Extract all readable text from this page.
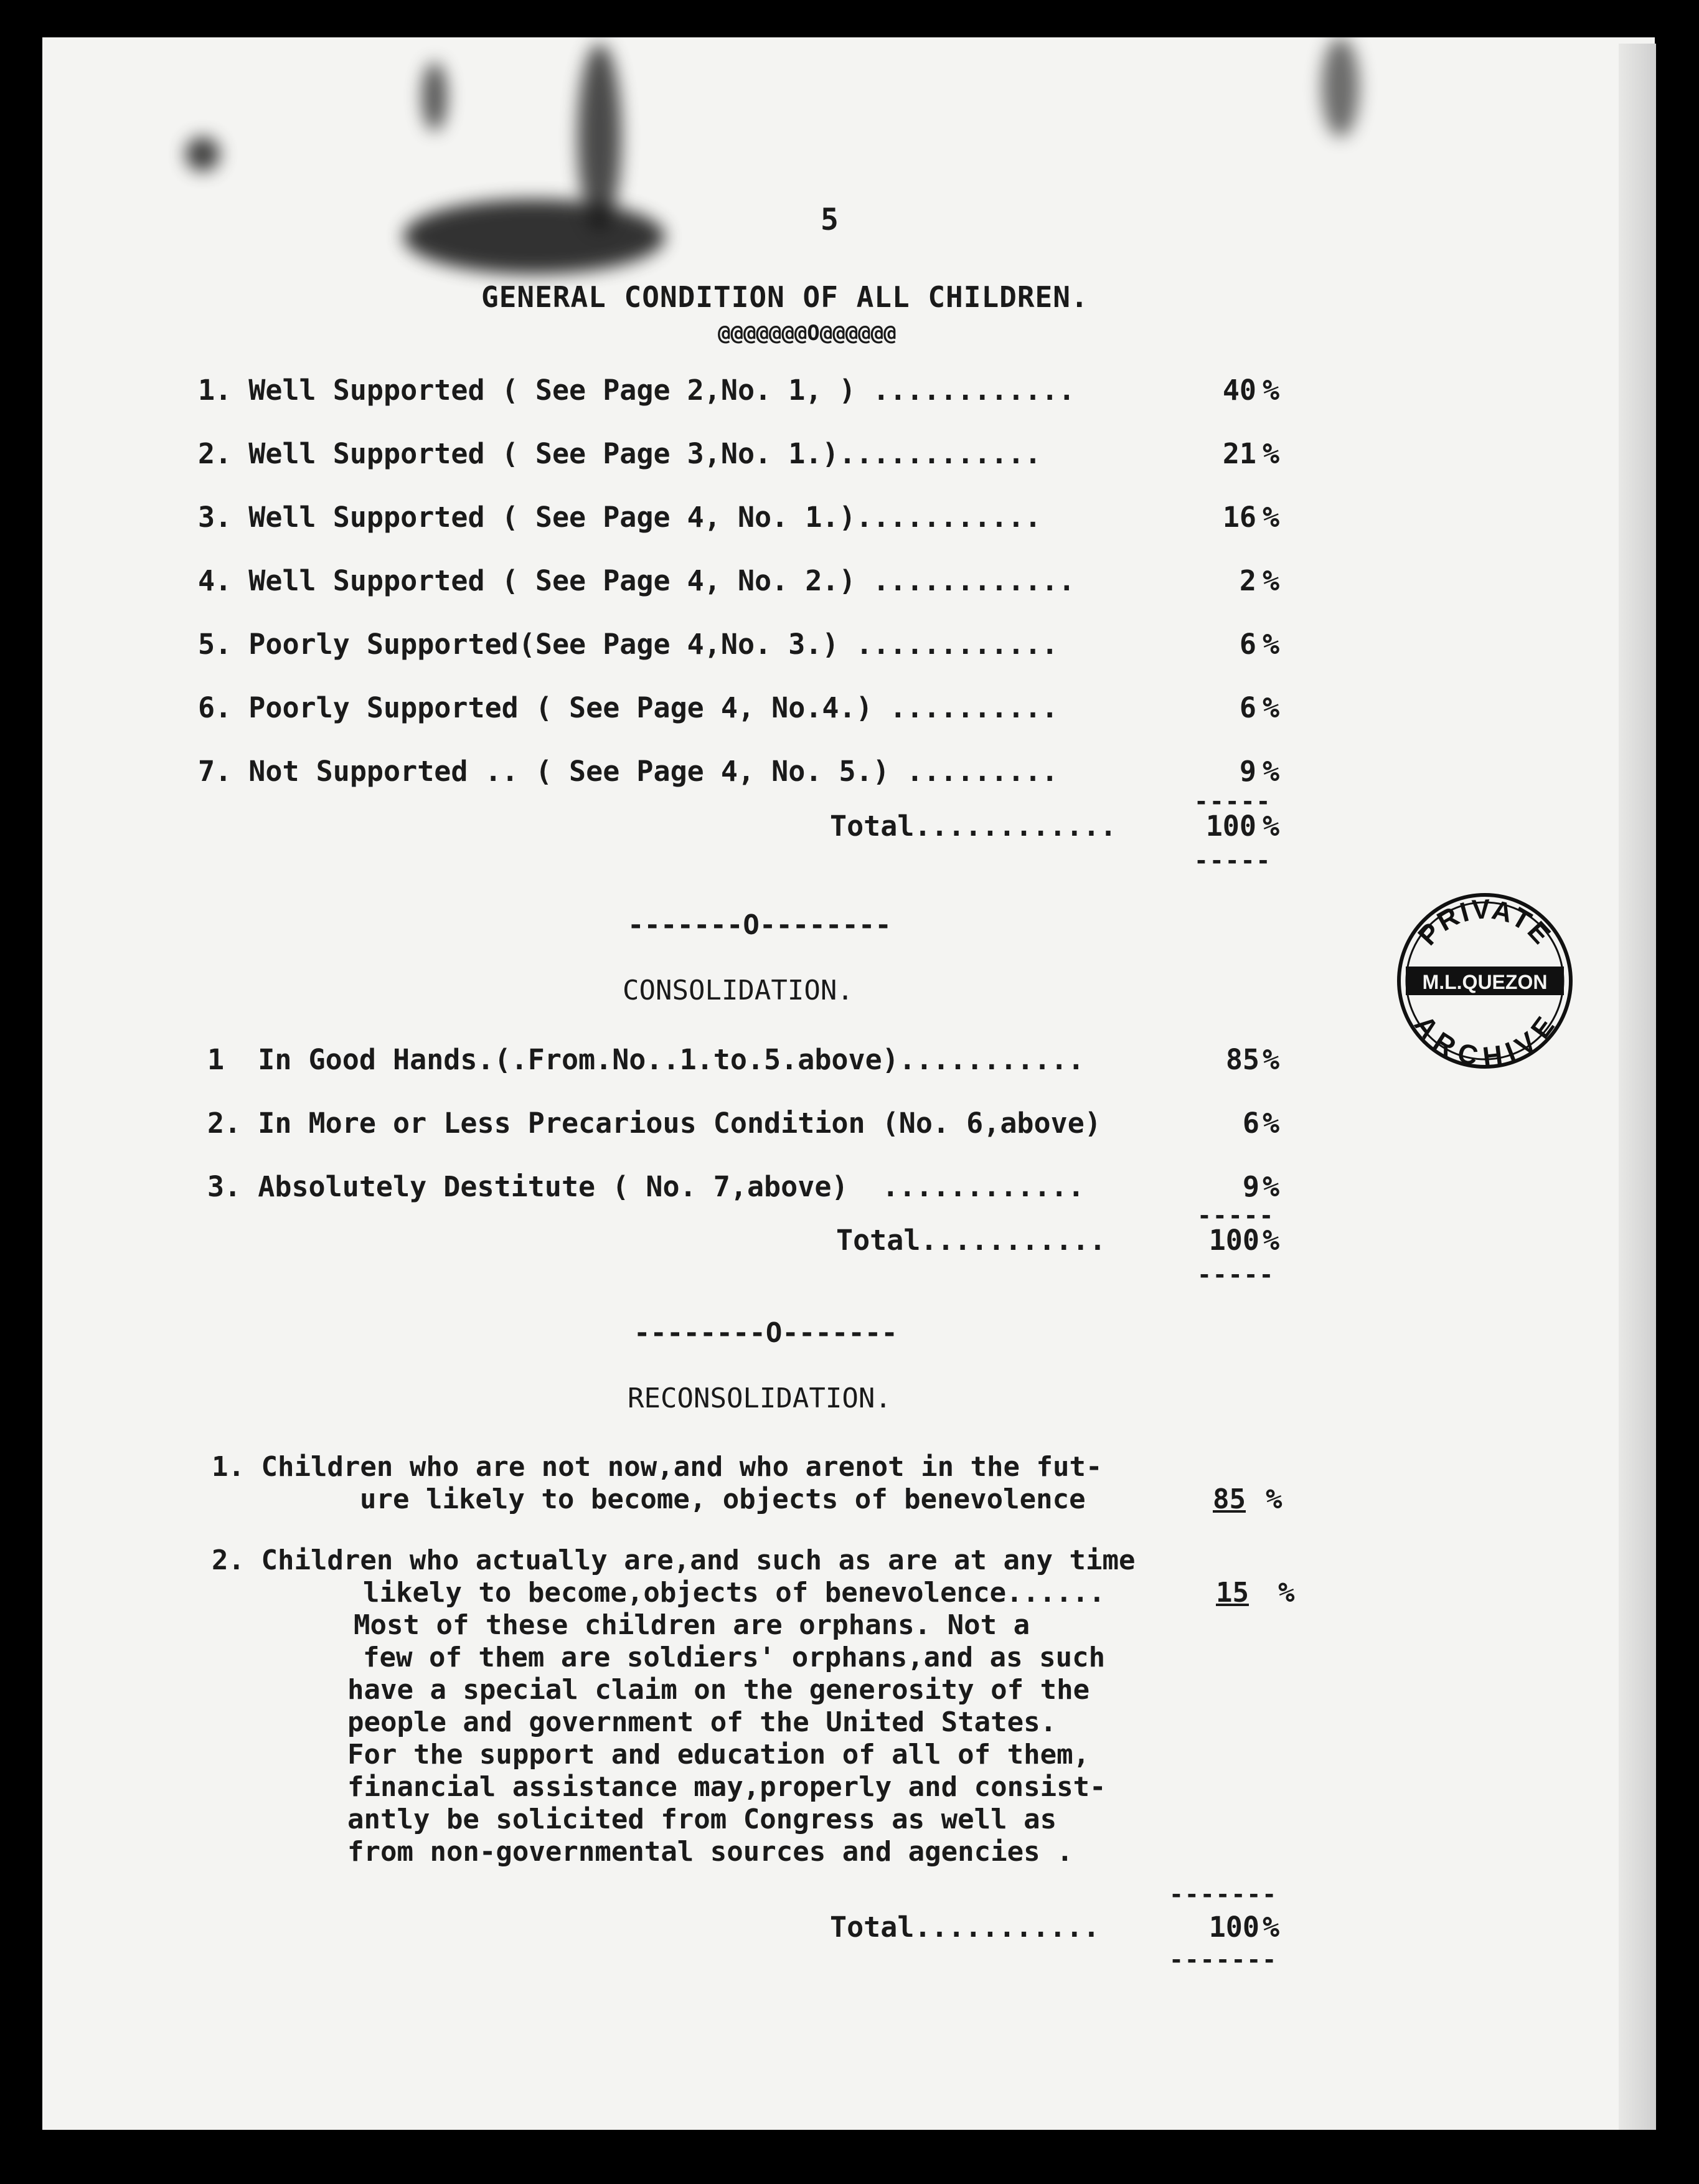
5
GENERAL CONDITION OF ALL CHILDREN.
@@@@@@@O@@@@@@
1. Well Supported ( See Page 2,No. 1, ) ............	40 %
2. Well Supported ( See Page 3,No. 1.)............	21 %
3. Well Supported ( See Page 4, No. 1.)...........	16 %
4. Well Supported ( See Page 4, No. 2.) ............	2 %
5. Poorly Supported(See Page 4,No. 3.) ............	6 %
6. Poorly Supported ( See Page 4, No.4.) ..........	6 %
7. Not Supported .. ( See Page 4, No. 5.) .........	9 %
-----
Total............	100 %
-----
-------O--------
CONSOLIDATION.
1  In Good Hands.(.From.No..1.to.5.above)...........	85 %
2. In More or Less Precarious Condition (No. 6,above)	6 %
3. Absolutely Destitute ( No. 7,above)  ............	9 %
-----
Total...........	100 %
-----
--------O-------
RECONSOLIDATION.
1. Children who are not now,and who arenot in the fut-
ure likely to become, objects of benevolence	85 %
2. Children who actually are,and such as are at any time
likely to become,objects of benevolence......	15 %
Most of these children are orphans. Not a
few of them are soldiers' orphans,and as such
have a special claim on the generosity of the
people and government of the United States.
For the support and education of all of them,
financial assistance may,properly and consist-
antly be solicited from Congress as well as
from non-governmental sources and agencies .
-------
Total...........	100 %
-------
PRIVATE
M.L.QUEZON
ARCHIVE
